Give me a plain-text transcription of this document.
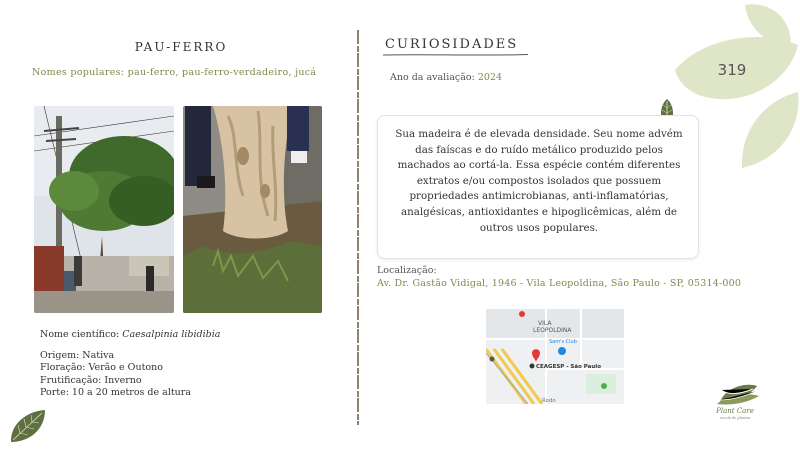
PAU-FERRO
Nomes populares: pau-ferro, pau-ferro-verdadeiro, jucá
Nome científico: Caesalpinia libidibia
Origem: Nativa
Floração: Verão e Outono
Frutificação: Inverno
Porte: 10 a 20 metros de altura
CURIOSIDADES
Ano da avaliação: 2024	319
Sua madeira é de elevada densidade. Seu nome advém das faíscas e do ruído metálico produzido pelos machados ao cortá-la. Essa espécie contém diferentes extratos e/ou compostos isolados que possuem propriedades antimicrobianas, anti-inflamatórias, analgésicas, antioxidantes e hipoglicêmicas, além de outros usos populares.
Localização:
Av. Dr. Gastão Vidigal, 1946 - Vila Leopoldina, São Paulo - SP, 05314-000
VILA
LEOPOLDINA
Sam's Club
CEAGESP - São Paulo
Rodo
Plant Care
escola de plantas
